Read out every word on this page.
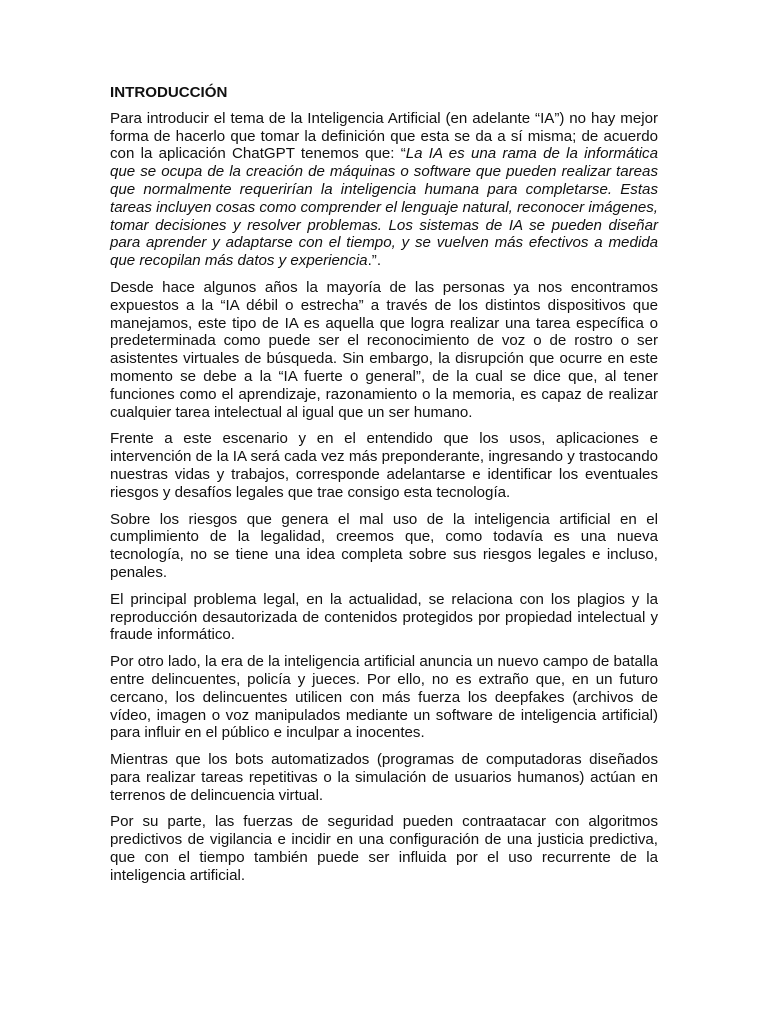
INTRODUCCIÓN

Para introducir el tema de la Inteligencia Artificial (en adelante “IA”) no hay mejor forma de hacerlo que tomar la definición que esta se da a sí misma; de acuerdo con la aplicación ChatGPT tenemos que: “La IA es una rama de la informática que se ocupa de la creación de máquinas o software que pueden realizar tareas que normalmente requerirían la inteligencia humana para completarse. Estas tareas incluyen cosas como comprender el lenguaje natural, reconocer imágenes, tomar decisiones y resolver problemas. Los sistemas de IA se pueden diseñar para aprender y adaptarse con el tiempo, y se vuelven más efectivos a medida que recopilan más datos y experiencia.”.

Desde hace algunos años la mayoría de las personas ya nos encontramos expuestos a la “IA débil o estrecha” a través de los distintos dispositivos que manejamos, este tipo de IA es aquella que logra realizar una tarea específica o predeterminada como puede ser el reconocimiento de voz o de rostro o ser asistentes virtuales de búsqueda. Sin embargo, la disrupción que ocurre en este momento se debe a la “IA fuerte o general”, de la cual se dice que, al tener funciones como el aprendizaje, razonamiento o la memoria, es capaz de realizar cualquier tarea intelectual al igual que un ser humano.

Frente a este escenario y en el entendido que los usos, aplicaciones e intervención de la IA será cada vez más preponderante, ingresando y trastocando nuestras vidas y trabajos, corresponde adelantarse e identificar los eventuales riesgos y desafíos legales que trae consigo esta tecnología.

Sobre los riesgos que genera el mal uso de la inteligencia artificial en el cumplimiento de la legalidad, creemos que, como todavía es una nueva tecnología, no se tiene una idea completa sobre sus riesgos legales e incluso, penales.

El principal problema legal, en la actualidad, se relaciona con los plagios y la reproducción desautorizada de contenidos protegidos por propiedad intelectual y fraude informático.

Por otro lado, la era de la inteligencia artificial anuncia un nuevo campo de batalla entre delincuentes, policía y jueces. Por ello, no es extraño que, en un futuro cercano, los delincuentes utilicen con más fuerza los deepfakes (archivos de vídeo, imagen o voz manipulados mediante un software de inteligencia artificial) para influir en el público e inculpar a inocentes.

Mientras que los bots automatizados (programas de computadoras diseñados para realizar tareas repetitivas o la simulación de usuarios humanos) actúan en terrenos de delincuencia virtual.

Por su parte, las fuerzas de seguridad pueden contraatacar con algoritmos predictivos de vigilancia e incidir en una configuración de una justicia predictiva, que con el tiempo también puede ser influida por el uso recurrente de la inteligencia artificial.
